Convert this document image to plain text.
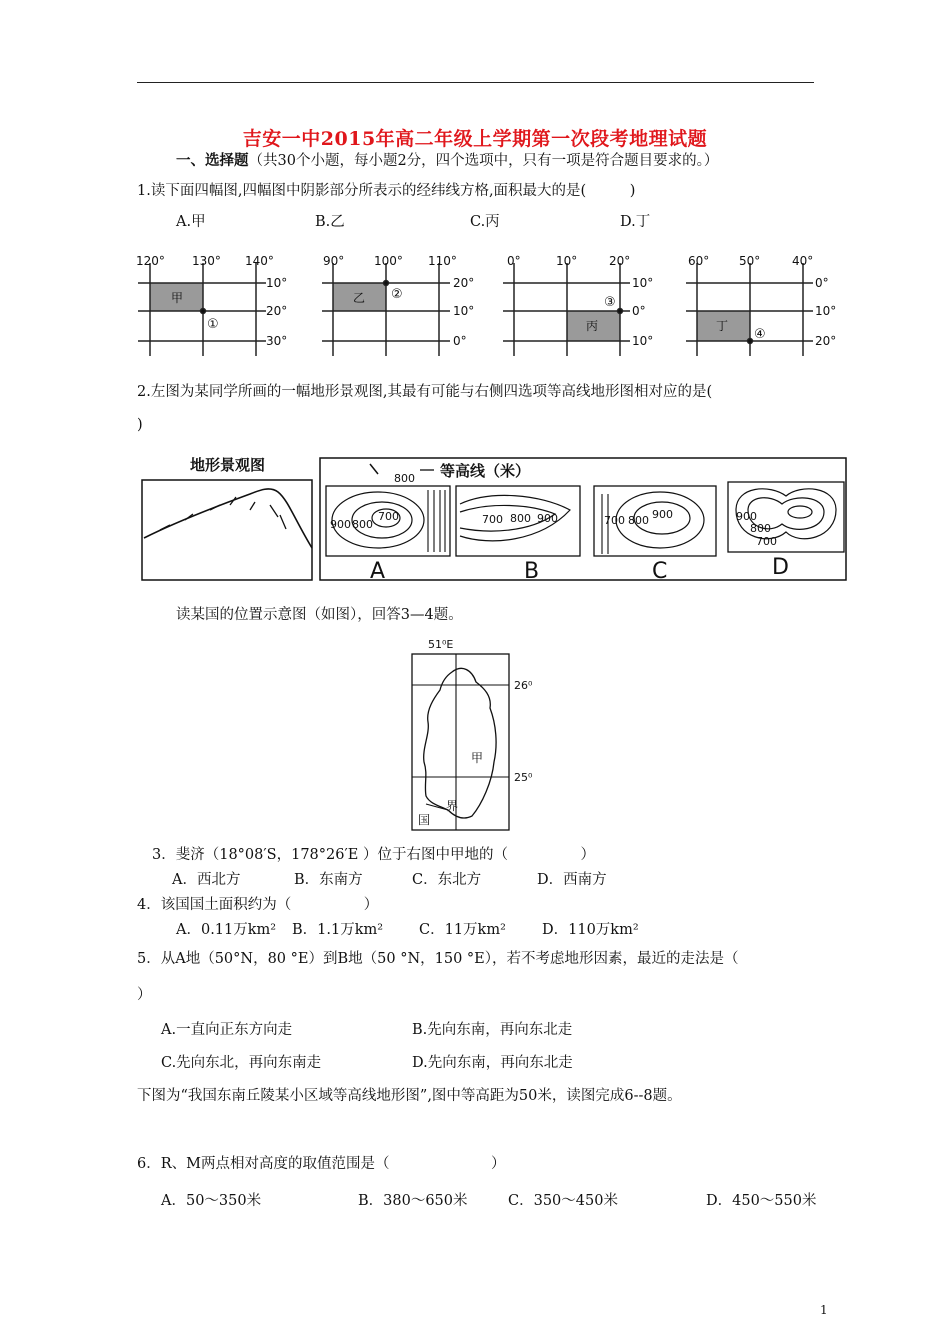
吉安一中2015年高二年级上学期第一次段考地理试题
一、选择题（共30个小题，每小题2分，四个选项中，只有一项是符合题目要求的。）
1.读下面四幅图,四幅图中阴影部分所表示的经纬线方格,面积最大的是(　　　)
A.甲	B.乙	C.丙	D.丁
120° 130° 140°
10°
20°
30°
甲
①
90° 100° 110°
20°
10°
0°
乙 ②
0°	10°	20°
10°
0°
10°
丙
③
60° 50°	40°
0°
10°
20°
丁
④
2.左图为某同学所画的一幅地形景观图,其最有可能与右侧四选项等高线地形图相对应的是(
)
地形景观图	等高线（米）
800
900 800
700
A
700 800 900
B
700 800 900
C
900
800
700
D
读某国的位置示意图（如图），回答3—4题。
51⁰E
26⁰
25⁰
甲
国
界
3．斐济（18°08′S，178°26′E ）位于右图中甲地的（　　　　　）
A．西北方	B．东南方	C．东北方	D．西南方
4．该国国土面积约为（　　　　　）
A．0.11万km² B．1.1万km² C．11万km² D．110万km²
5．从A地（50°N，80 °E）到B地（50 °N，150 °E），若不考虑地形因素，最近的走法是（
）
A.一直向正东方向走	B.先向东南，再向东北走
C.先向东北，再向东南走	D.先向东南，再向东北走
下图为“我国东南丘陵某小区域等高线地形图”,图中等高距为50米，读图完成6--8题。
6．R、M两点相对高度的取值范围是（　　　　　　　）
A．50～350米	B．380～650米	C．350～450米	D．450～550米
1
